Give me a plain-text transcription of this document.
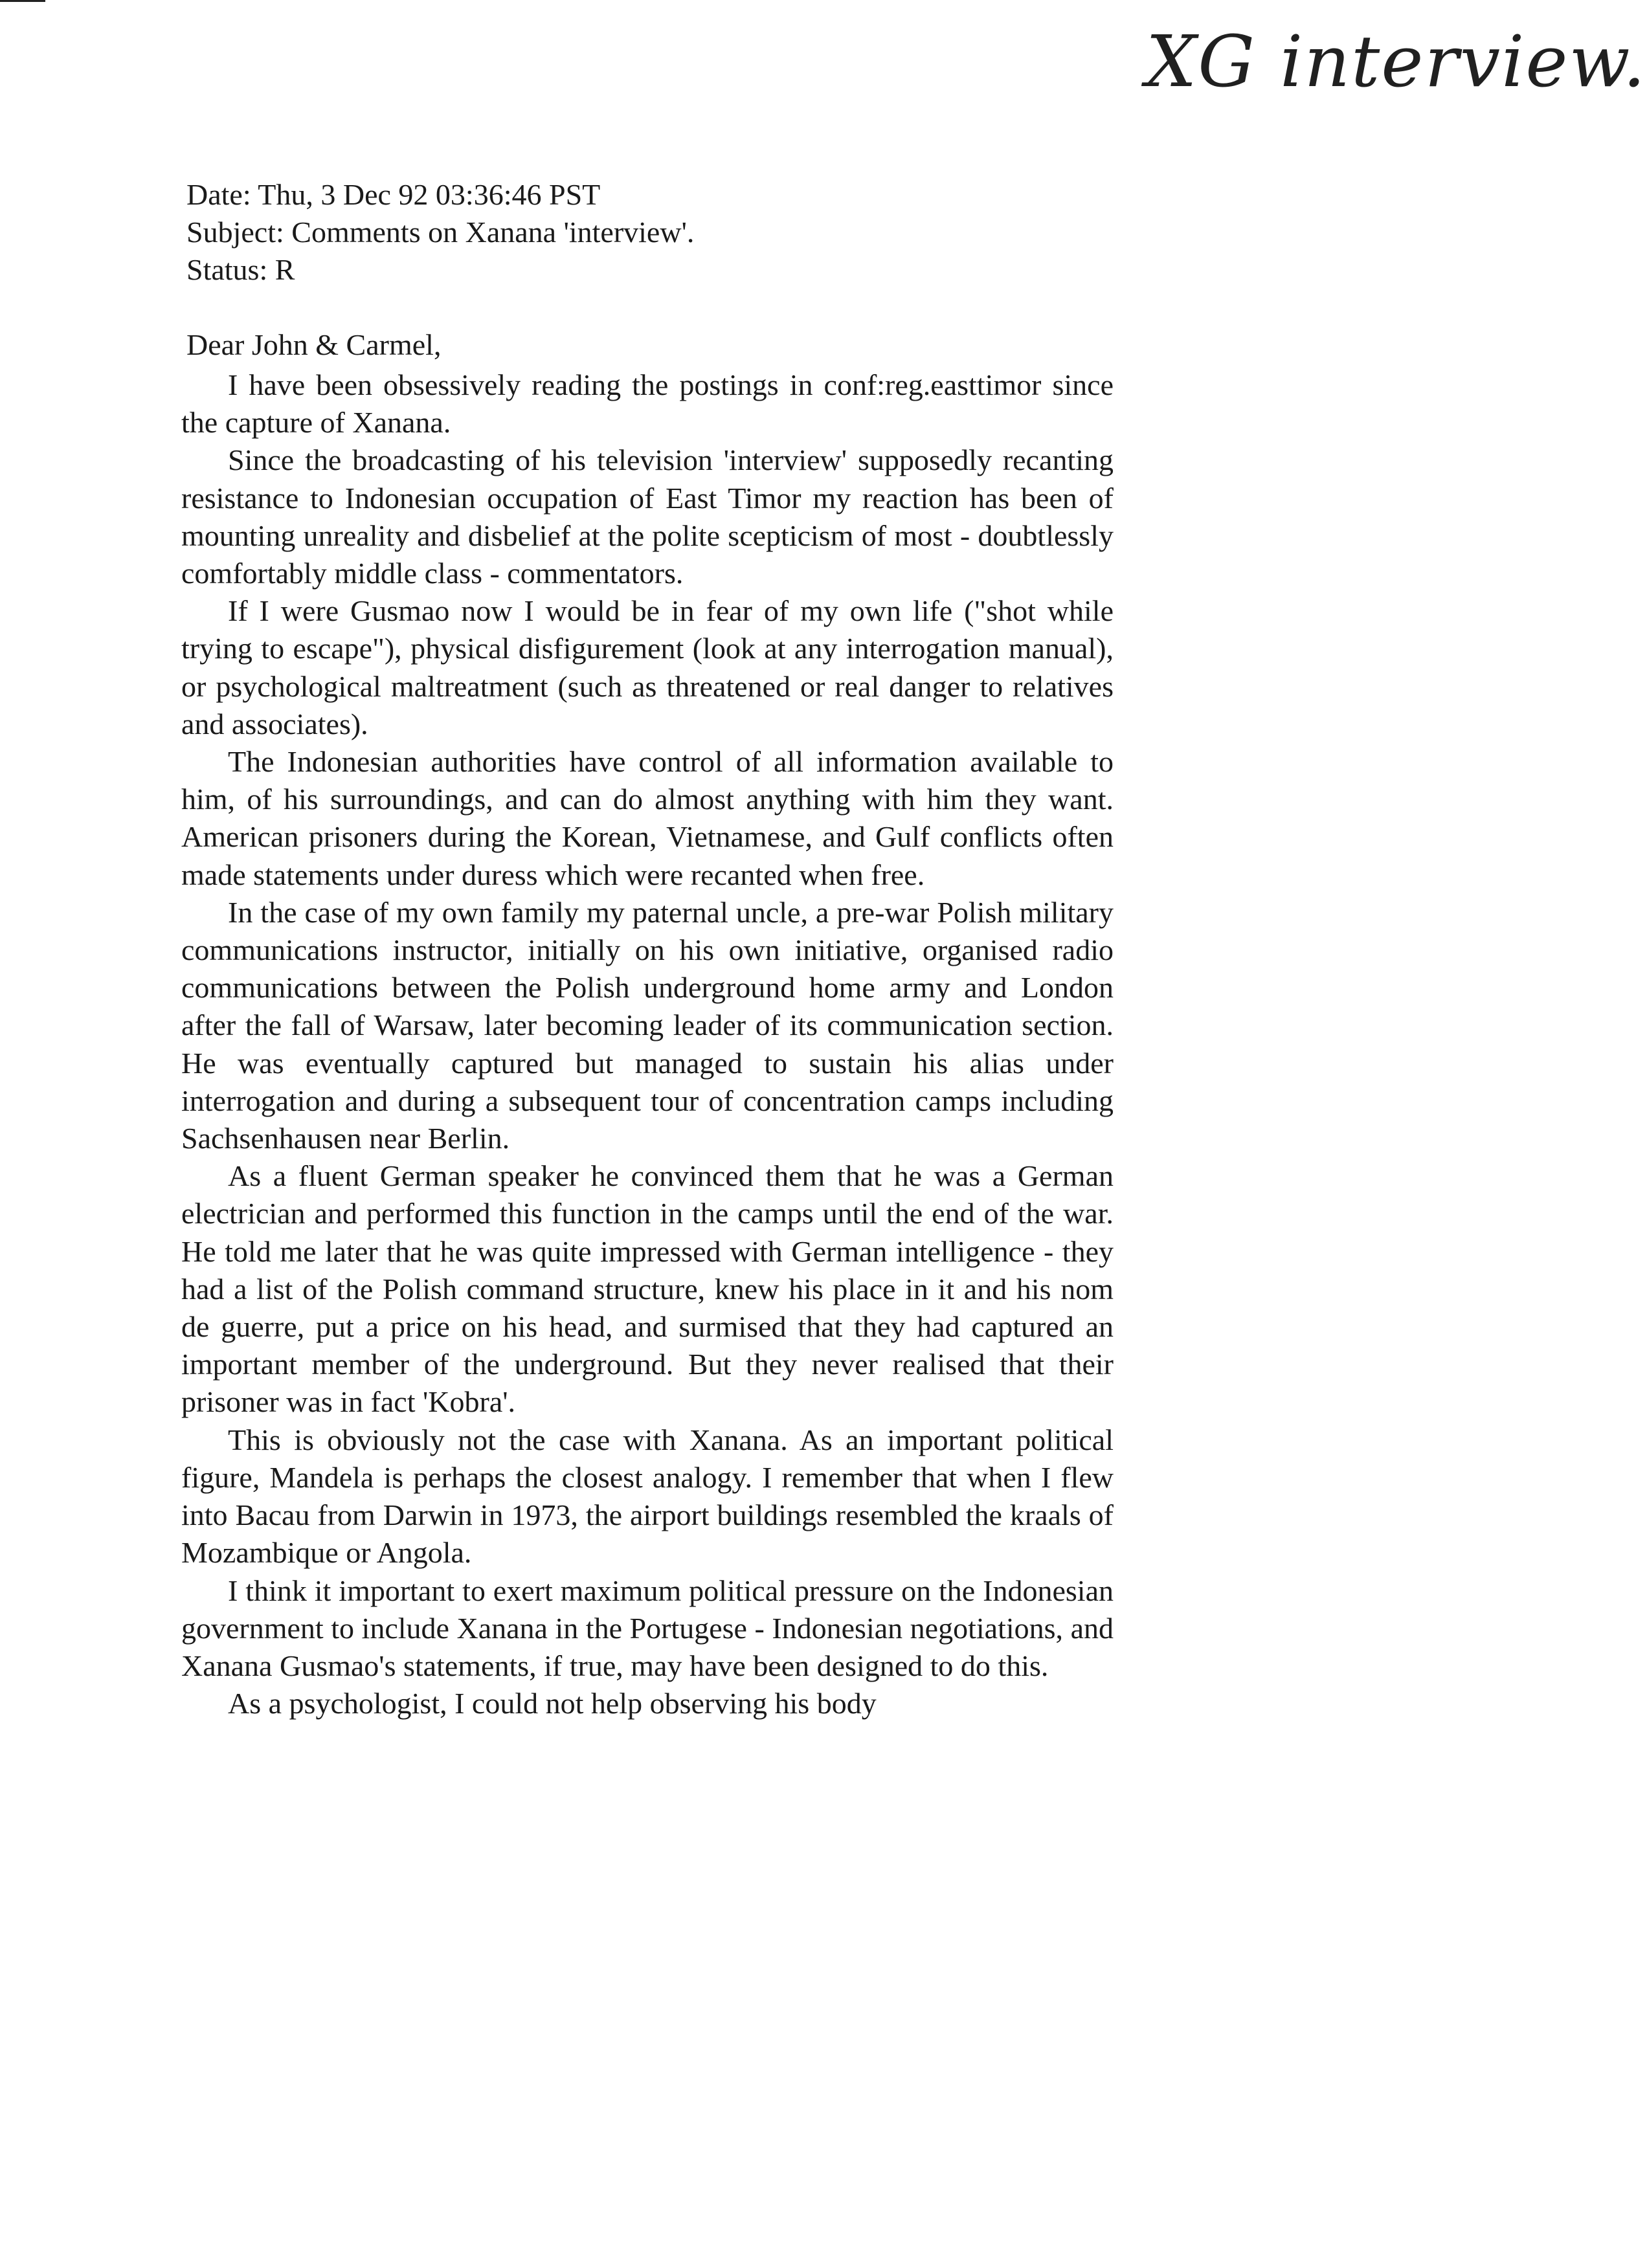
XG interview.
Date: Thu, 3 Dec 92 03:36:46 PST
Subject: Comments on Xanana 'interview'.
Status: R
Dear John & Carmel,

I have been obsessively reading the postings in conf:reg.easttimor since the capture of Xanana.

Since the broadcasting of his television 'interview' supposedly recanting resistance to Indonesian occupation of East Timor my reaction has been of mounting unreality and disbelief at the polite scepticism of most - doubtlessly comfortably middle class - commentators.

If I were Gusmao now I would be in fear of my own life ("shot while trying to escape"), physical disfigurement (look at any interrogation manual), or psychological maltreatment (such as threatened or real danger to relatives and associates).

The Indonesian authorities have control of all information available to him, of his surroundings, and can do almost anything with him they want. American prisoners during the Korean, Vietnamese, and Gulf conflicts often made statements under duress which were recanted when free.

In the case of my own family my paternal uncle, a pre-war Polish military communications instructor, initially on his own initiative, organised radio communications between the Polish underground home army and London after the fall of Warsaw, later becoming leader of its communication section. He was eventually captured but managed to sustain his alias under interrogation and during a subsequent tour of concentration camps including Sachsenhausen near Berlin.

As a fluent German speaker he convinced them that he was a German electrician and performed this function in the camps until the end of the war. He told me later that he was quite impressed with German intelligence - they had a list of the Polish command structure, knew his place in it and his nom de guerre, put a price on his head, and surmised that they had captured an important member of the underground. But they never realised that their prisoner was in fact 'Kobra'.

This is obviously not the case with Xanana. As an important political figure, Mandela is perhaps the closest analogy. I remember that when I flew into Bacau from Darwin in 1973, the airport buildings resembled the kraals of Mozambique or Angola.

I think it important to exert maximum political pressure on the Indonesian government to include Xanana in the Portugese - Indonesian negotiations, and Xanana Gusmao's statements, if true, may have been designed to do this.

As a psychologist, I could not help observing his body
